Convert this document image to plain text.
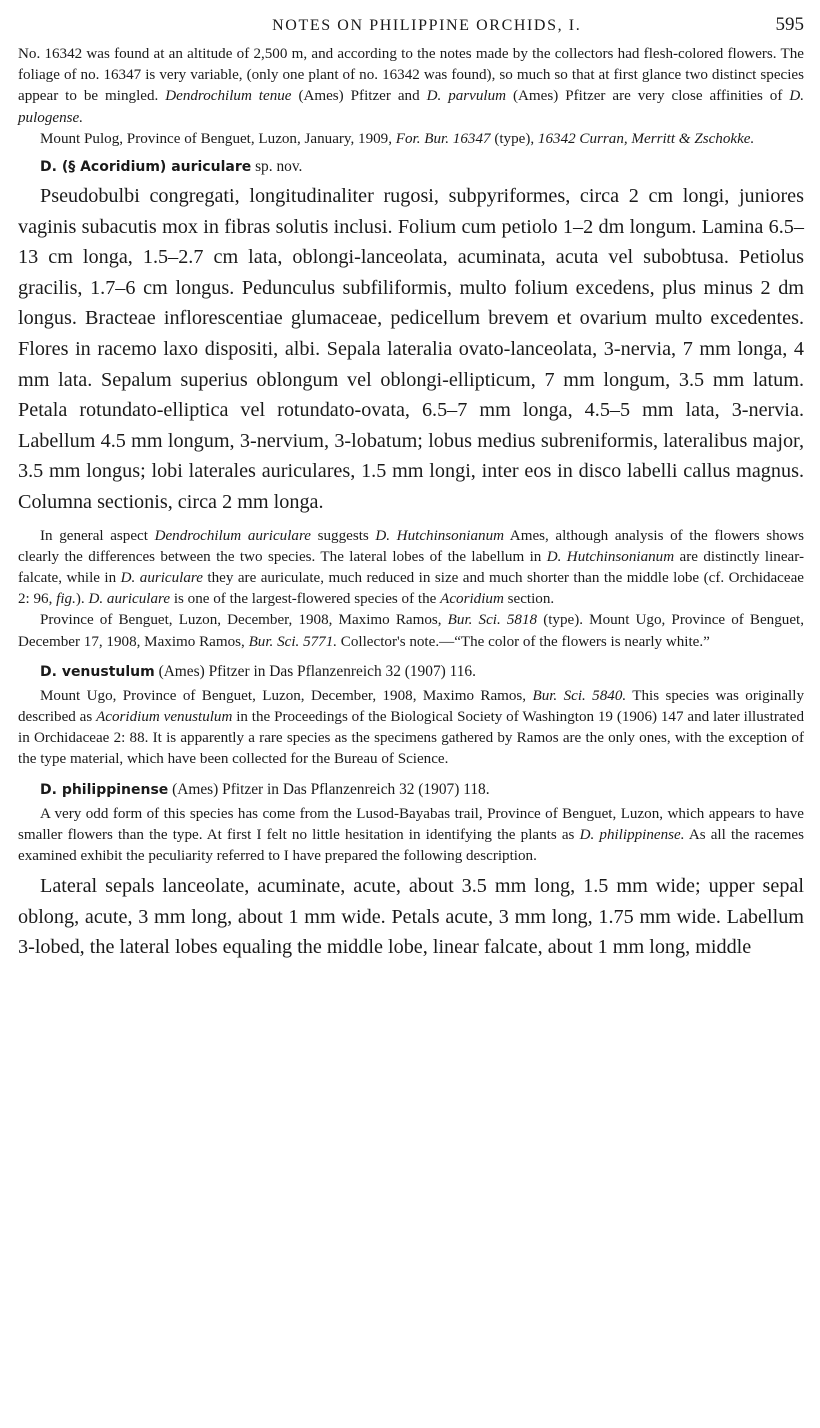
NOTES ON PHILIPPINE ORCHIDS, I.	595

No. 16342 was found at an altitude of 2,500 m, and according to the notes made by the collectors had flesh-colored flowers. The foliage of no. 16347 is very variable, (only one plant of no. 16342 was found), so much so that at first glance two distinct species appear to be mingled. Dendrochilum tenue (Ames) Pfitzer and D. parvulum (Ames) Pfitzer are very close affinities of D. pulogense.

Mount Pulog, Province of Benguet, Luzon, January, 1909, For. Bur. 16347 (type), 16342 Curran, Merritt & Zschokke.

D. (§ Acoridium) auriculare sp. nov.

Pseudobulbi congregati, longitudinaliter rugosi, subpyriformes, circa 2 cm longi, juniores vaginis subacutis mox in fibras solutis inclusi. Folium cum petiolo 1–2 dm longum. Lamina 6.5–13 cm longa, 1.5–2.7 cm lata, oblongi-lanceolata, acuminata, acuta vel subobtusa. Petiolus gracilis, 1.7–6 cm longus. Pedunculus subfiliformis, multo folium excedens, plus minus 2 dm longus. Bracteae inflorescentiae glumaceae, pedicellum brevem et ovarium multo excedentes. Flores in racemo laxo dispositi, albi. Sepala lateralia ovato-lanceolata, 3-nervia, 7 mm longa, 4 mm lata. Sepalum superius oblongum vel oblongi-ellipticum, 7 mm longum, 3.5 mm latum. Petala rotundato-elliptica vel rotundato-ovata, 6.5–7 mm longa, 4.5–5 mm lata, 3-nervia. Labellum 4.5 mm longum, 3-nervium, 3-lobatum; lobus medius subreniformis, lateralibus major, 3.5 mm longus; lobi laterales auriculares, 1.5 mm longi, inter eos in disco labelli callus magnus. Columna sectionis, circa 2 mm longa.

In general aspect Dendrochilum auriculare suggests D. Hutchinsonianum Ames, although analysis of the flowers shows clearly the differences between the two species. The lateral lobes of the labellum in D. Hutchinsonianum are distinctly linear-falcate, while in D. auriculare they are auriculate, much reduced in size and much shorter than the middle lobe (cf. Orchidaceae 2: 96, fig.). D. auriculare is one of the largest-flowered species of the Acoridium section.

Province of Benguet, Luzon, December, 1908, Maximo Ramos, Bur. Sci. 5818 (type). Mount Ugo, Province of Benguet, December 17, 1908, Maximo Ramos, Bur. Sci. 5771. Collector's note.—“The color of the flowers is nearly white.”

D. venustulum (Ames) Pfitzer in Das Pflanzenreich 32 (1907) 116.

Mount Ugo, Province of Benguet, Luzon, December, 1908, Maximo Ramos, Bur. Sci. 5840. This species was originally described as Acoridium venustulum in the Proceedings of the Biological Society of Washington 19 (1906) 147 and later illustrated in Orchidaceae 2: 88. It is apparently a rare species as the specimens gathered by Ramos are the only ones, with the exception of the type material, which have been collected for the Bureau of Science.

D. philippinense (Ames) Pfitzer in Das Pflanzenreich 32 (1907) 118.

A very odd form of this species has come from the Lusod-Bayabas trail, Province of Benguet, Luzon, which appears to have smaller flowers than the type. At first I felt no little hesitation in identifying the plants as D. philippinense. As all the racemes examined exhibit the peculiarity referred to I have prepared the following description.

Lateral sepals lanceolate, acuminate, acute, about 3.5 mm long, 1.5 mm wide; upper sepal oblong, acute, 3 mm long, about 1 mm wide. Petals acute, 3 mm long, 1.75 mm wide. Labellum 3-lobed, the lateral lobes equaling the middle lobe, linear falcate, about 1 mm long, middle
